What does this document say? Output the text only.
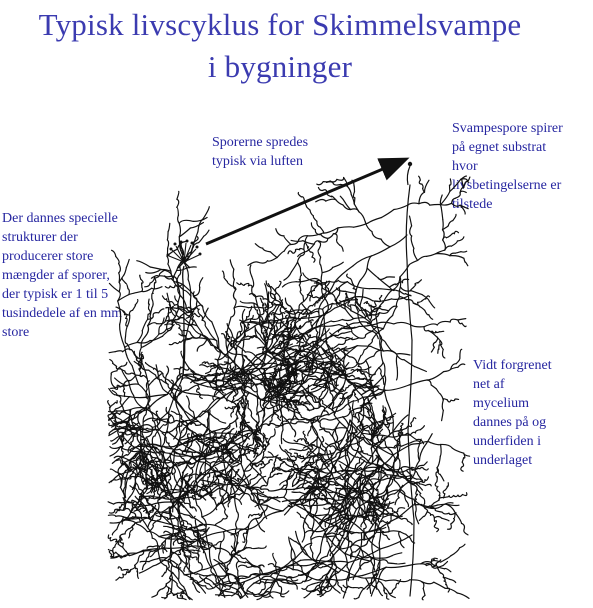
Typisk livscyklus for Skimmelsvampe
i bygninger
Sporerne spredes
typisk via luften
Svampespore spirer
på egnet substrat
hvor
livsbetingelserne er
tilstede
Der dannes specielle
strukturer der
producerer store
mængder af sporer,
der typisk er 1 til 5
tusindedele af en mm
store
Vidt forgrenet
net af
mycelium
dannes på og
underfiden i
underlaget
